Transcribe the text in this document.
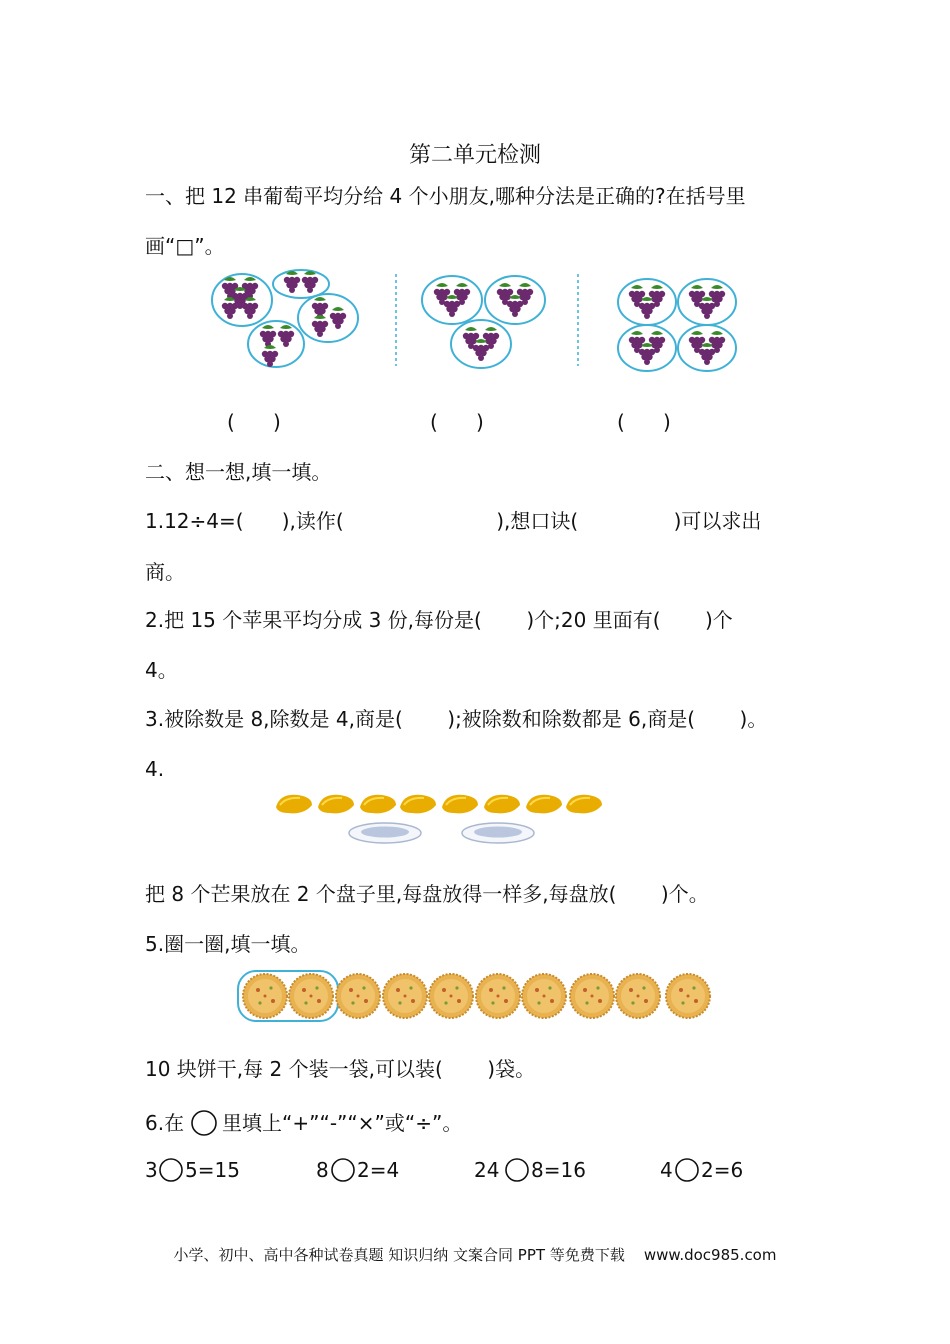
第二单元检测
一、把 12 串葡萄平均分给 4 个小朋友,哪种分法是正确的?在括号里
画“□”。
(      )	(      )	(      )
二、想一想,填一填。
1.12÷4=(      ),读作(                        ),想口诀(               )可以求出
商。
2.把 15 个苹果平均分成 3 份,每份是(       )个;20 里面有(       )个
4。
3.被除数是 8,除数是 4,商是(       );被除数和除数都是 6,商是(       )。
4.
把 8 个芒果放在 2 个盘子里,每盘放得一样多,每盘放(       )个。
5.圈一圈,填一填。
10 块饼干,每 2 个装一袋,可以装(       )袋。
6.在 里填上“+”“-”“×”或“÷”。
3 5=15	8 2=4	24 8=16	4 2=6
小学、初中、高中各种试卷真题 知识归纳 文案合同 PPT 等免费下载    www.doc985.com
